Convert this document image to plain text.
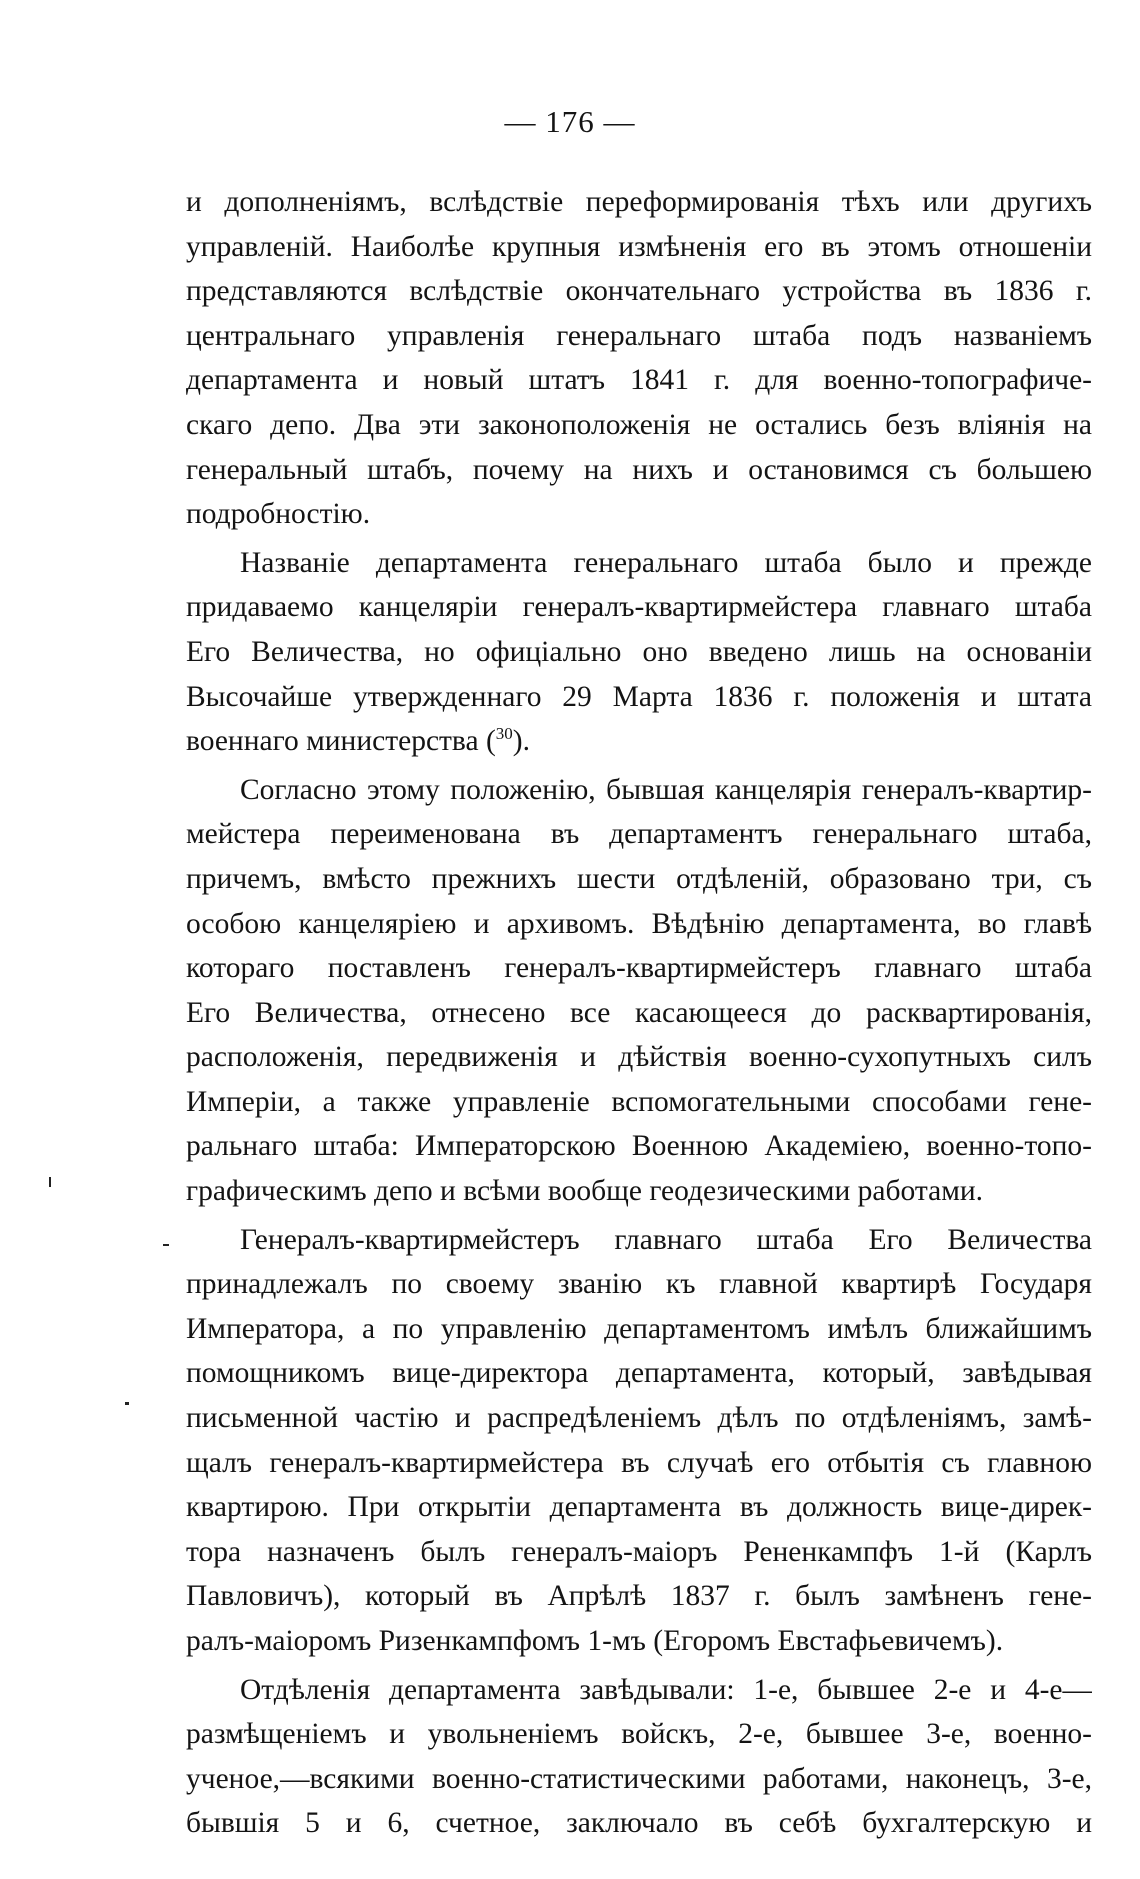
— 176 —
и дополненіямъ, вслѣдствіе переформированія тѣхъ или другихъ
управленій. Наиболѣе крупныя измѣненія его въ этомъ отношеніи
представляются вслѣдствіе окончательнаго устройства въ 1836 г.
центральнаго управленія генеральнаго штаба подъ названіемъ
департамента и новый штатъ 1841 г. для военно-топографиче-
скаго депо. Два эти законоположенія не остались безъ вліянія на
генеральный штабъ, почему на нихъ и остановимся съ большею
подробностію.
Названіе департамента генеральнаго штаба было и прежде
придаваемо канцеляріи генералъ-квартирмейстера главнаго штаба
Его Величества, но офиціально оно введено лишь на основаніи
Высочайше утвержденнаго 29 Марта 1836 г. положенія и штата
военнаго министерства ($^{30}$).
Согласно этому положенію, бывшая канцелярія генералъ-квартир-
мейстера переименована въ департаментъ генеральнаго штаба,
причемъ, вмѣсто прежнихъ шести отдѣленій, образовано три, съ
особою канцеляріею и архивомъ. Вѣдѣнію департамента, во главѣ
котораго поставленъ генералъ-квартирмейстеръ главнаго штаба
Его Величества, отнесено все касающееся до расквартированія,
расположенія, передвиженія и дѣйствія военно-сухопутныхъ силъ
Имперіи, а также управленіе вспомогательными способами гене-
ральнаго штаба: Императорскою Военною Академіею, военно-топо-
графическимъ депо и всѣми вообще геодезическими работами.
Генералъ-квартирмейстеръ главнаго штаба Его Величества
принадлежалъ по своему званію къ главной квартирѣ Государя
Императора, а по управленію департаментомъ имѣлъ ближайшимъ
помощникомъ вице-директора департамента, который, завѣдывая
письменной частію и распредѣленіемъ дѣлъ по отдѣленіямъ, замѣ-
щалъ генералъ-квартирмейстера въ случаѣ его отбытія съ главною
квартирою. При открытіи департамента въ должность вице-дирек-
тора назначенъ былъ генералъ-маіоръ Рененкампфъ 1-й (Карлъ
Павловичъ), который въ Апрѣлѣ 1837 г. былъ замѣненъ гене-
ралъ-маіоромъ Ризенкампфомъ 1-мъ (Егоромъ Евстафьевичемъ).
Отдѣленія департамента завѣдывали: 1-е, бывшее 2-е и 4-е—
размѣщеніемъ и увольненіемъ войскъ, 2-е, бывшее 3-е, военно-
ученое,—всякими военно-статистическими работами, наконецъ, 3-е,
бывшія 5 и 6, счетное, заключало въ себѣ бухгалтерскую и
